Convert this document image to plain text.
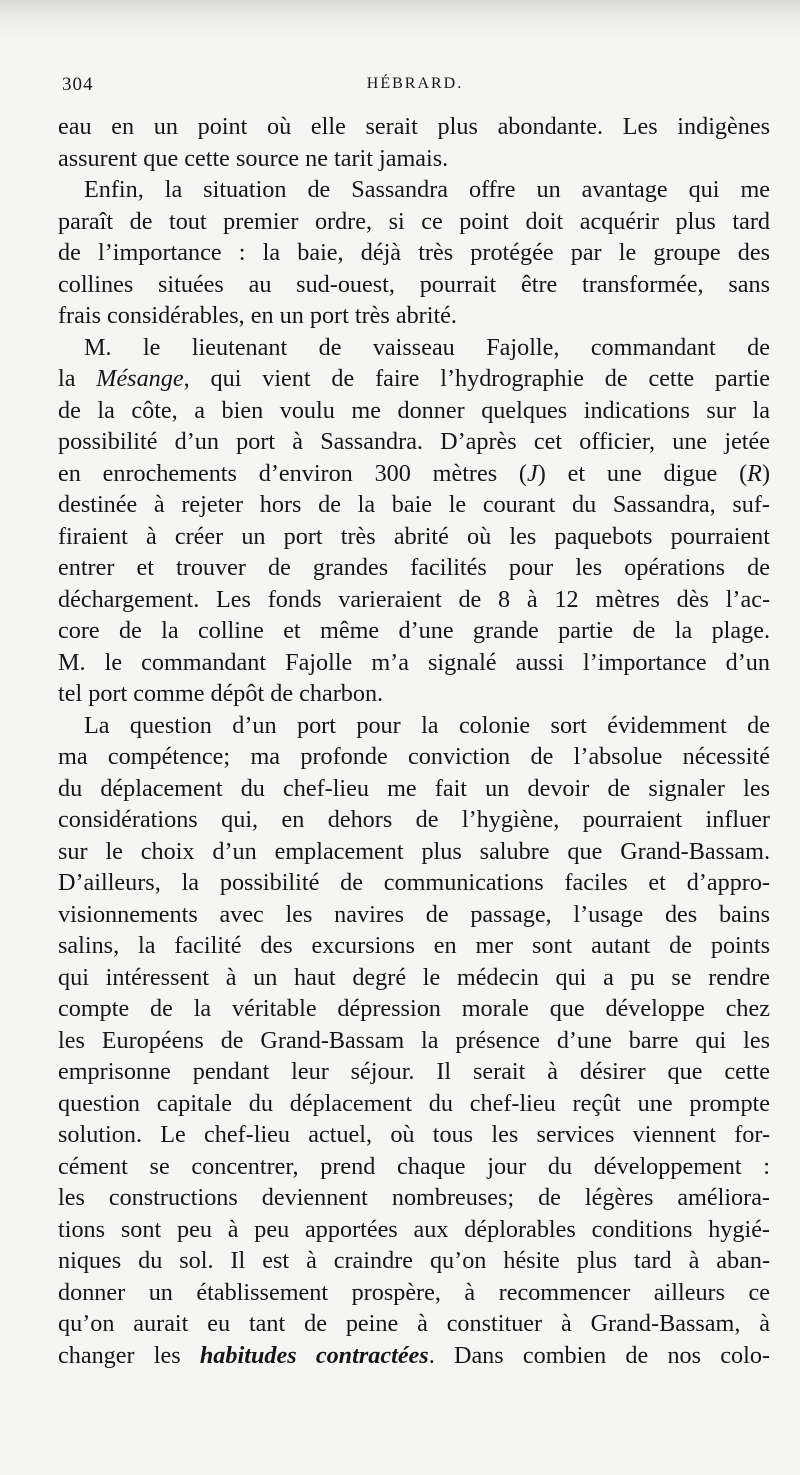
304	HÉBRARD.
eau en un point où elle serait plus abondante. Les indigènes
assurent que cette source ne tarit jamais.
Enfin, la situation de Sassandra offre un avantage qui me
paraît de tout premier ordre, si ce point doit acquérir plus tard
de l’importance : la baie, déjà très protégée par le groupe des
collines situées au sud-ouest, pourrait être transformée, sans
frais considérables, en un port très abrité.
M. le lieutenant de vaisseau Fajolle, commandant de
la Mésange, qui vient de faire l’hydrographie de cette partie
de la côte, a bien voulu me donner quelques indications sur la
possibilité d’un port à Sassandra. D’après cet officier, une jetée
en enrochements d’environ 300 mètres (J) et une digue (R)
destinée à rejeter hors de la baie le courant du Sassandra, suf-
firaient à créer un port très abrité où les paquebots pourraient
entrer et trouver de grandes facilités pour les opérations de
déchargement. Les fonds varieraient de 8 à 12 mètres dès l’ac-
core de la colline et même d’une grande partie de la plage.
M. le commandant Fajolle m’a signalé aussi l’importance d’un
tel port comme dépôt de charbon.
La question d’un port pour la colonie sort évidemment de
ma compétence; ma profonde conviction de l’absolue nécessité
du déplacement du chef-lieu me fait un devoir de signaler les
considérations qui, en dehors de l’hygiène, pourraient influer
sur le choix d’un emplacement plus salubre que Grand-Bassam.
D’ailleurs, la possibilité de communications faciles et d’appro-
visionnements avec les navires de passage, l’usage des bains
salins, la facilité des excursions en mer sont autant de points
qui intéressent à un haut degré le médecin qui a pu se rendre
compte de la véritable dépression morale que développe chez
les Européens de Grand-Bassam la présence d’une barre qui les
emprisonne pendant leur séjour. Il serait à désirer que cette
question capitale du déplacement du chef-lieu reçût une prompte
solution. Le chef-lieu actuel, où tous les services viennent for-
cément se concentrer, prend chaque jour du développement :
les constructions deviennent nombreuses; de légères améliora-
tions sont peu à peu apportées aux déplorables conditions hygié-
niques du sol. Il est à craindre qu’on hésite plus tard à aban-
donner un établissement prospère, à recommencer ailleurs ce
qu’on aurait eu tant de peine à constituer à Grand-Bassam, à
changer les habitudes contractées. Dans combien de nos colo-
